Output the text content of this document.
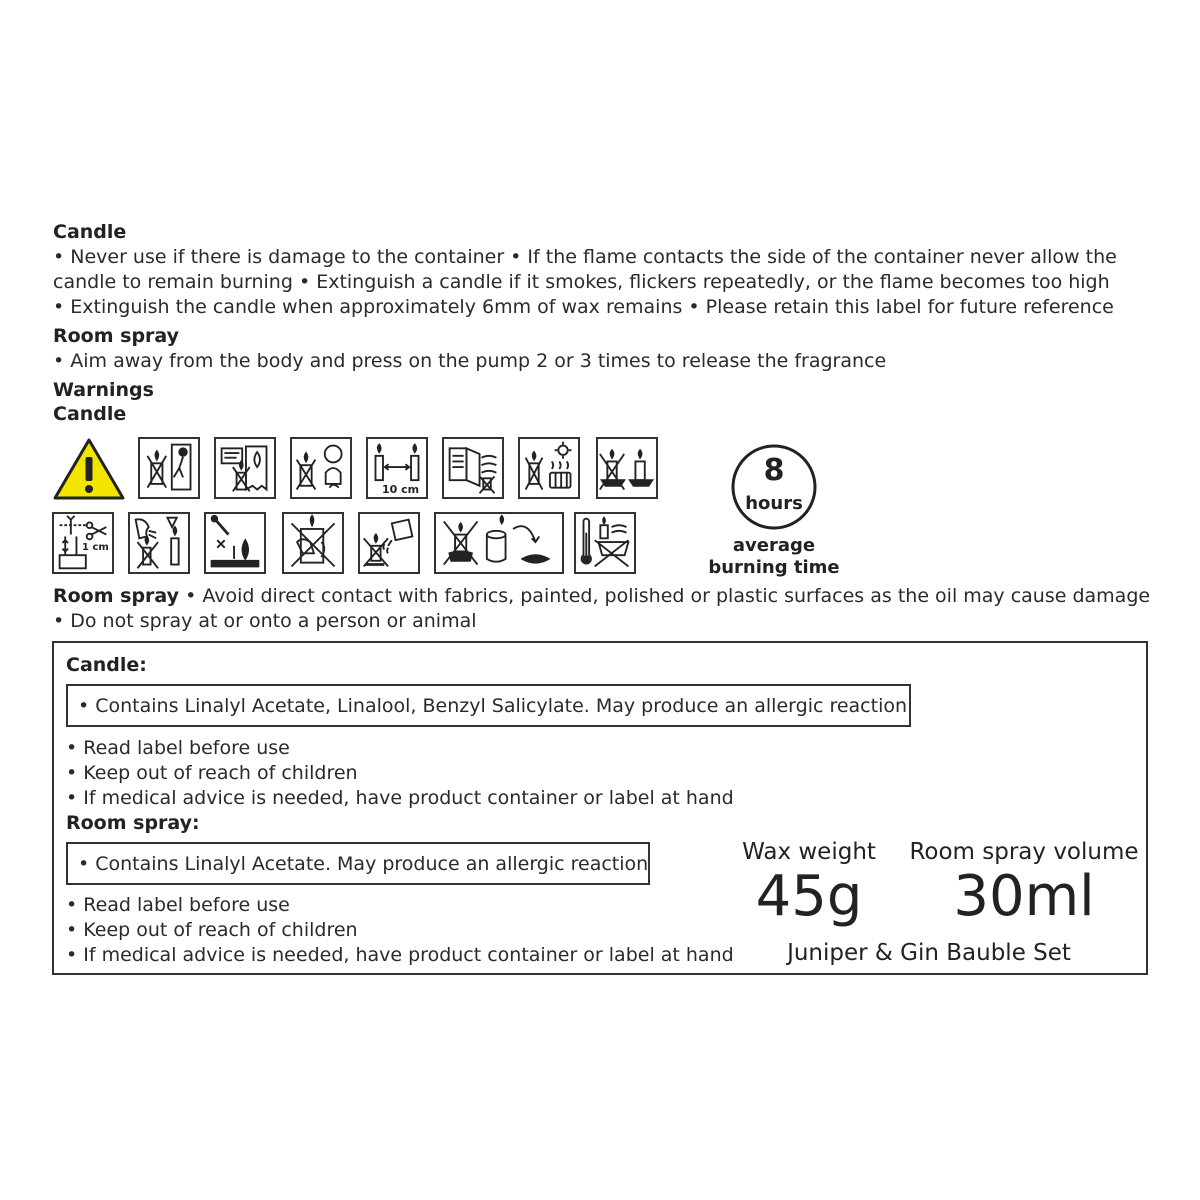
Candle
• Never use if there is damage to the container • If the flame contacts the side of the container never allow the
candle to remain burning • Extinguish a candle if it smokes, flickers repeatedly, or the flame becomes too high
• Extinguish the candle when approximately 6mm of wax remains • Please retain this label for future reference
Room spray
• Aim away from the body and press on the pump 2 or 3 times to release the fragrance
Warnings
Candle
10 cm
8
hours
average
burning time
1 cm
Room spray • Avoid direct contact with fabrics, painted, polished or plastic surfaces as the oil may cause damage
• Do not spray at or onto a person or animal
Candle:
• Contains Linalyl Acetate, Linalool, Benzyl Salicylate. May produce an allergic reaction
• Read label before use
• Keep out of reach of children
• If medical advice is needed, have product container or label at hand
Room spray:
• Contains Linalyl Acetate. May produce an allergic reaction
• Read label before use
• Keep out of reach of children
• If medical advice is needed, have product container or label at hand
Wax weight
45g
Room spray volume
30ml
Juniper & Gin Bauble Set
